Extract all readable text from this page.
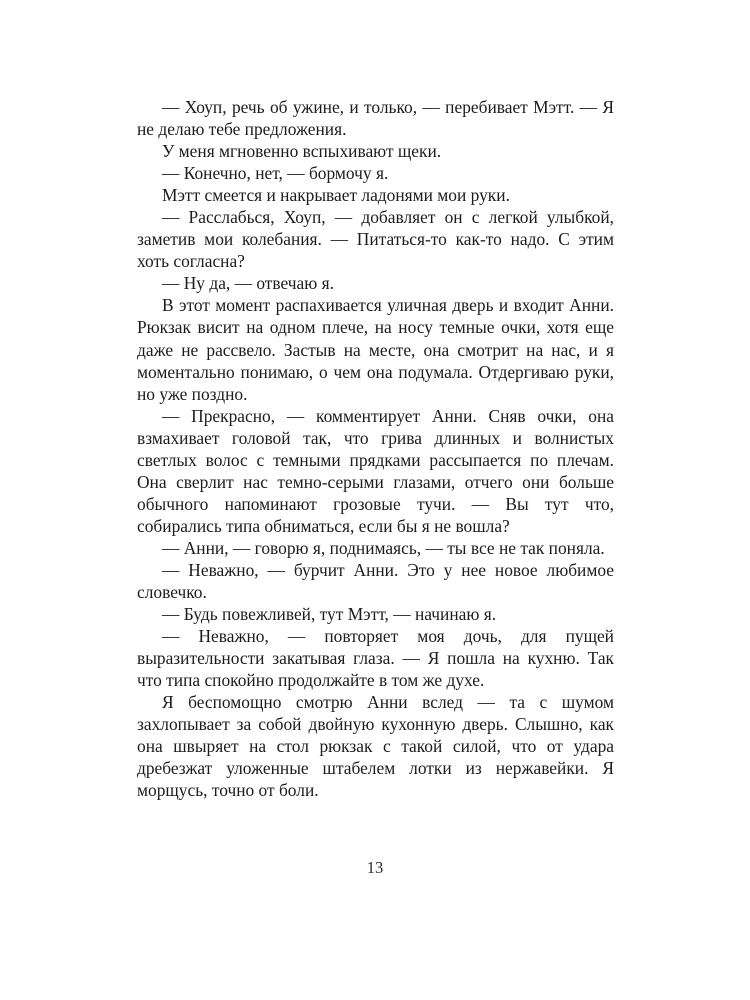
— Хоуп, речь об ужине, и только, — перебивает Мэтт. — Я не делаю тебе предложения.

У меня мгновенно вспыхивают щеки.

— Конечно, нет, — бормочу я.

Мэтт смеется и накрывает ладонями мои руки.

— Расслабься, Хоуп, — добавляет он с легкой улыбкой, заметив мои колебания. — Питаться-то как-то надо. С этим хоть согласна?

— Ну да, — отвечаю я.

В этот момент распахивается уличная дверь и входит Анни. Рюкзак висит на одном плече, на носу темные очки, хотя еще даже не рассвело. Застыв на месте, она смотрит на нас, и я моментально понимаю, о чем она подумала. Отдергиваю руки, но уже поздно.

— Прекрасно, — комментирует Анни. Сняв очки, она взмахивает головой так, что грива длинных и волнистых светлых волос с темными прядками рассыпается по плечам. Она сверлит нас темно-серыми глазами, отчего они больше обычного напоминают грозовые тучи. — Вы тут что, собирались типа обниматься, если бы я не вошла?

— Анни, — говорю я, поднимаясь, — ты все не так поняла.

— Неважно, — бурчит Анни. Это у нее новое любимое словечко.

— Будь повежливей, тут Мэтт, — начинаю я.

— Неважно, — повторяет моя дочь, для пущей выразительности закатывая глаза. — Я пошла на кухню. Так что типа спокойно продолжайте в том же духе.

Я беспомощно смотрю Анни вслед — та с шумом захлопывает за собой двойную кухонную дверь. Слышно, как она швыряет на стол рюкзак с такой силой, что от удара дребезжат уложенные штабелем лотки из нержавейки. Я морщусь, точно от боли.

13
